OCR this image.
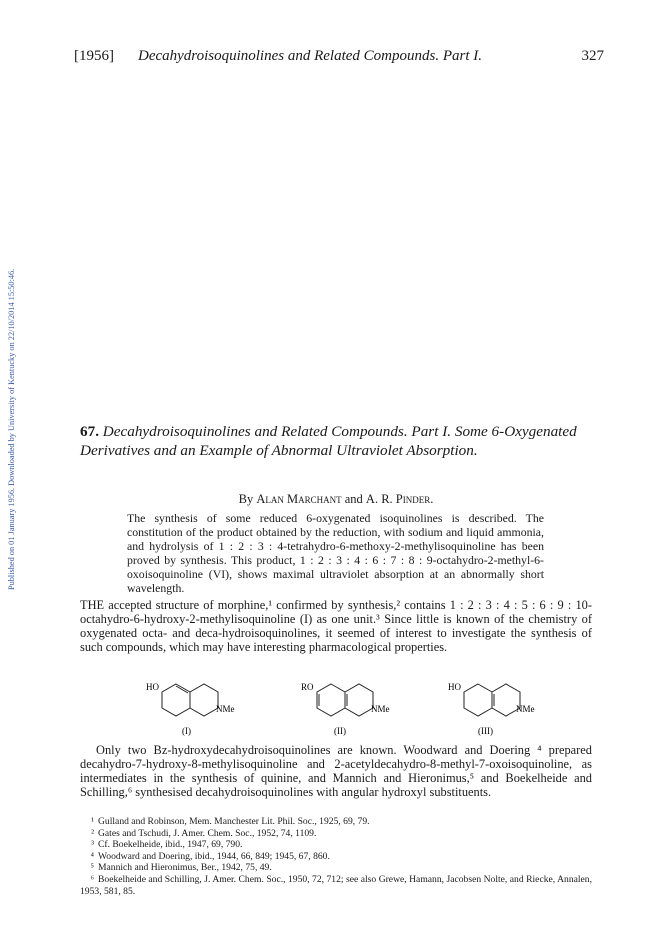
[1956] Decahydroisoquinolines and Related Compounds. Part I.	327
Published on 01 January 1956. Downloaded by University of Kentucky on 22/10/2014 15:50:46.	67. Decahydroisoquinolines and Related Compounds. Part I. Some 6-Oxygenated Derivatives and an Example of Abnormal Ultraviolet Absorption.
By Alan Marchant and A. R. Pinder.

The synthesis of some reduced 6-oxygenated isoquinolines is described. The constitution of the product obtained by the reduction, with sodium and liquid ammonia, and hydrolysis of 1 : 2 : 3 : 4-tetrahydro-6-methoxy-2-methylisoquinoline has been proved by synthesis. This product, 1 : 2 : 3 : 4 : 6 : 7 : 8 : 9-octahydro-2-methyl-6-oxoisoquinoline (VI), shows maximal ultraviolet absorption at an abnormally short wavelength.

THE accepted structure of morphine,¹ confirmed by synthesis,² contains 1 : 2 : 3 : 4 : 5 : 6 : 9 : 10-octahydro-6-hydroxy-2-methylisoquinoline (I) as one unit.³ Since little is known of the chemistry of oxygenated octa- and deca-hydroisoquinolines, it seemed of interest to investigate the synthesis of such compounds, which may have interesting pharmacological properties.

HO
NMe
(I)
RO
NMe
(II)
HO
NMe
(III)

Only two Bz-hydroxydecahydroisoquinolines are known. Woodward and Doering ⁴ prepared decahydro-7-hydroxy-8-methylisoquinoline and 2-acetyldecahydro-8-methyl-7-oxoisoquinoline, as intermediates in the synthesis of quinine, and Mannich and Hieronimus,⁵ and Boekelheide and Schilling,⁶ synthesised decahydroisoquinolines with angular hydroxyl substituents.

¹ Gulland and Robinson, Mem. Manchester Lit. Phil. Soc., 1925, 69, 79.

² Gates and Tschudi, J. Amer. Chem. Soc., 1952, 74, 1109.

³ Cf. Boekelheide, ibid., 1947, 69, 790.

⁴ Woodward and Doering, ibid., 1944, 66, 849; 1945, 67, 860.

⁵ Mannich and Hieronimus, Ber., 1942, 75, 49.

⁶ Boekelheide and Schilling, J. Amer. Chem. Soc., 1950, 72, 712; see also Grewe, Hamann, Jacobsen Nolte, and Riecke, Annalen, 1953, 581, 85.
